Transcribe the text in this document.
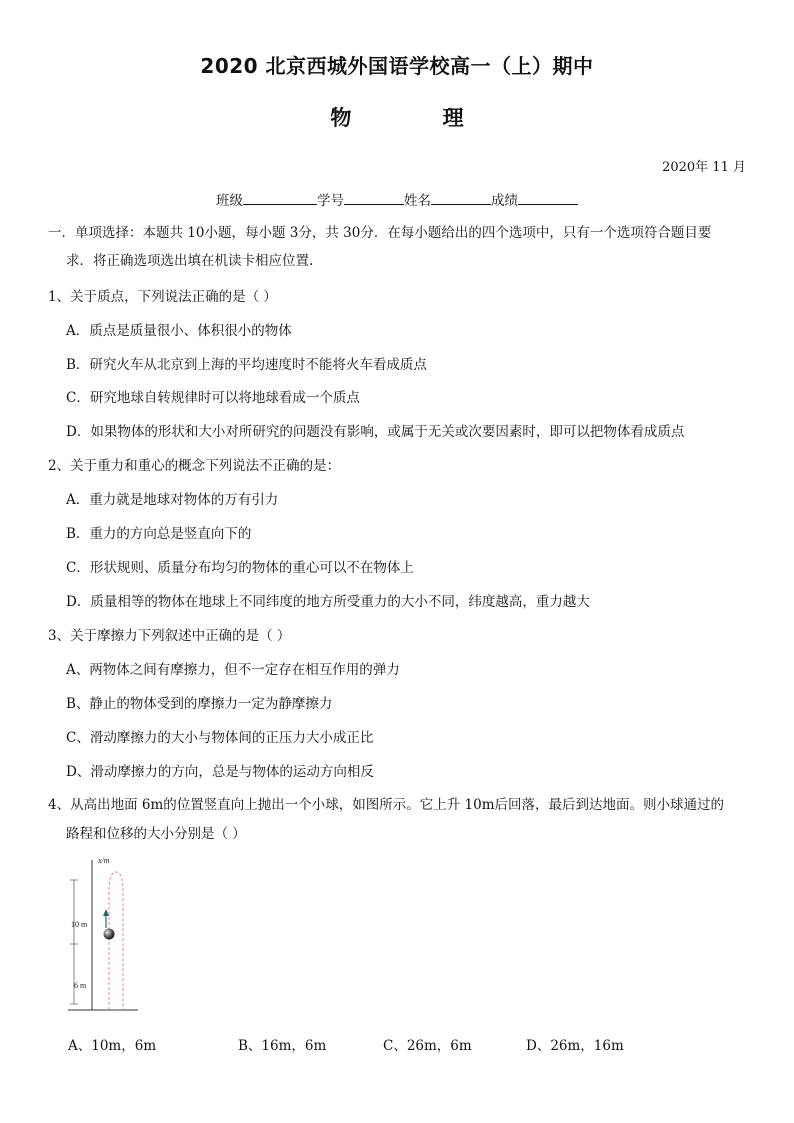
2020 北京西城外国语学校高一（上）期中
物 理
2020年 11 月
班级	学号	姓名	成绩
一．单项选择：本题共 10小题，每小题 3分，共 30分．在每小题给出的四个选项中，只有一个选项符合题目要
求．将正确选项选出填在机读卡相应位置.
1、关于质点，下列说法正确的是（ ）
A．质点是质量很小、体积很小的物体
B．研究火车从北京到上海的平均速度时不能将火车看成质点
C．研究地球自转规律时可以将地球看成一个质点
D．如果物体的形状和大小对所研究的问题没有影响，或属于无关或次要因素时，即可以把物体看成质点
2、关于重力和重心的概念下列说法不正确的是：
A．重力就是地球对物体的万有引力
B．重力的方向总是竖直向下的
C．形状规则、质量分布均匀的物体的重心可以不在物体上
D．质量相等的物体在地球上不同纬度的地方所受重力的大小不同，纬度越高，重力越大
3、关于摩擦力下列叙述中正确的是（ ）
A、两物体之间有摩擦力，但不一定存在相互作用的弹力
B、静止的物体受到的摩擦力一定为静摩擦力
C、滑动摩擦力的大小与物体间的正压力大小成正比
D、滑动摩擦力的方向，总是与物体的运动方向相反
4、从高出地面 6m的位置竖直向上抛出一个小球，如图所示。它上升 10m后回落，最后到达地面。则小球通过的
路程和位移的大小分别是（ ）
x/m
10 m
6 m
A、10m，6m	B、16m，6m	C、26m，6m	D、26m，16m
